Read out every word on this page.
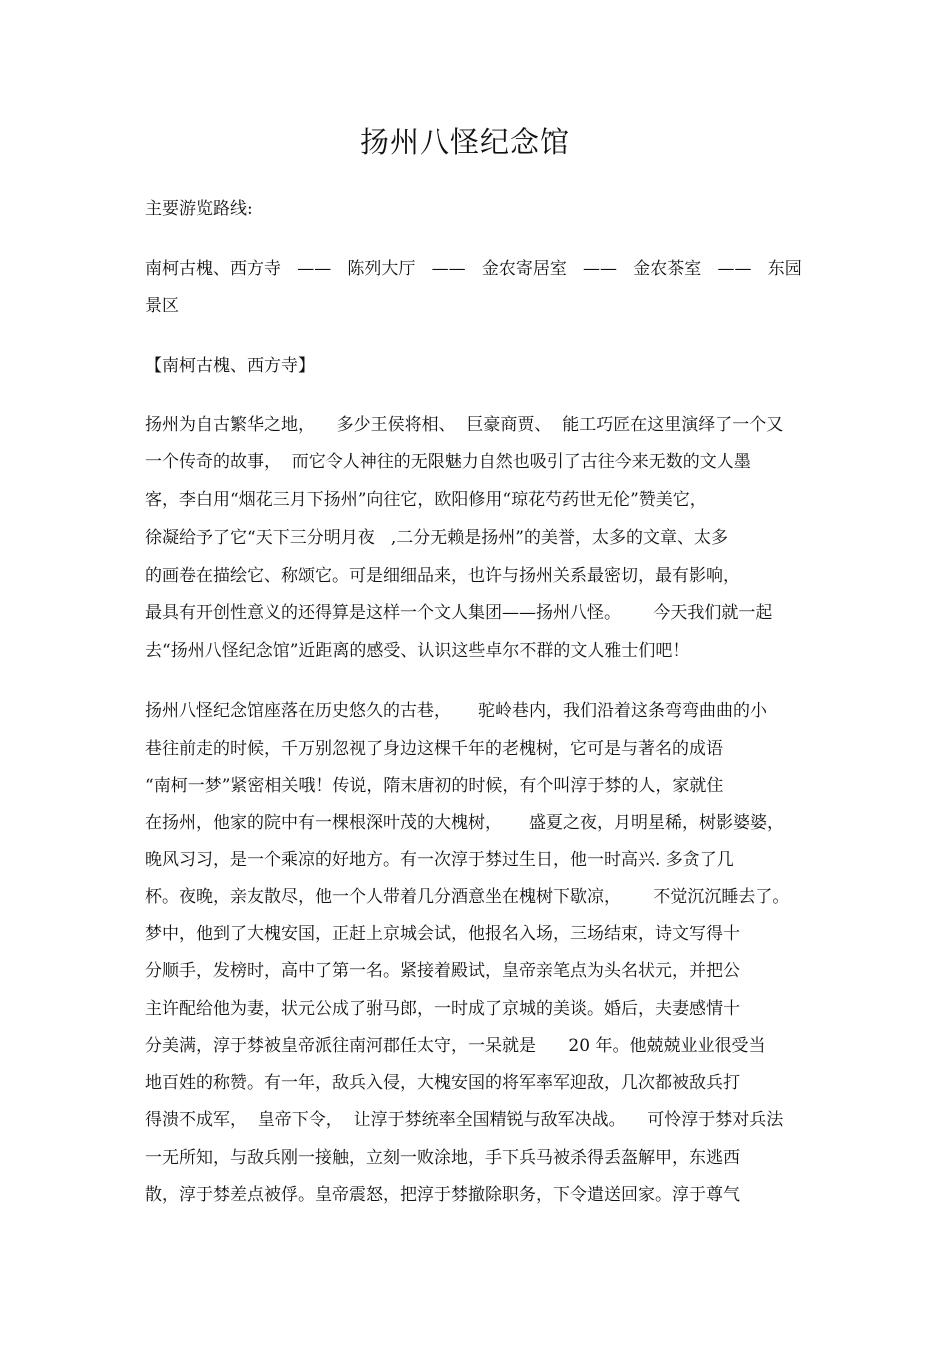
扬州八怪纪念馆

主要游览路线:

南柯古槐、西方寺   ——   陈列大厅   ——   金农寄居室   ——   金农茶室   ——   东园

景区

【南柯古槐、西方寺】

扬州为自古繁华之地，    多少王侯将相、  巨豪商贾、  能工巧匠在这里演绎了一个又

一个传奇的故事，  而它令人神往的无限魅力自然也吸引了古往今来无数的文人墨

客，李白用“烟花三月下扬州”向往它，欧阳修用“琼花芍药世无伦”赞美它，

徐凝给予了它“天下三分明月夜   ,二分无赖是扬州”的美誉，太多的文章、太多

的画卷在描绘它、称颂它。可是细细品来，也许与扬州关系最密切，最有影响，

最具有开创性意义的还得算是这样一个文人集团——扬州八怪。      今天我们就一起

去“扬州八怪纪念馆”近距离的感受、认识这些卓尔不群的文人雅士们吧！

扬州八怪纪念馆座落在历史悠久的古巷，     驼岭巷内，我们沿着这条弯弯曲曲的小

巷往前走的时候，千万别忽视了身边这棵千年的老槐树，它可是与著名的成语

“南柯一梦”紧密相关哦！传说，隋末唐初的时候，有个叫淳于棼的人，家就住

在扬州，他家的院中有一棵根深叶茂的大槐树，     盛夏之夜，月明星稀，树影婆婆，

晚风习习，是一个乘凉的好地方。有一次淳于棼过生日，他一时高兴. 多贪了几

杯。夜晚，亲友散尽，他一个人带着几分酒意坐在槐树下歇凉，      不觉沉沉睡去了。

梦中，他到了大槐安国，正赶上京城会试，他报名入场，三场结束，诗文写得十

分顺手，发榜时，高中了第一名。紧接着殿试，皇帝亲笔点为头名状元，并把公

主许配给他为妻，状元公成了驸马郎，一时成了京城的美谈。婚后，夫妻感情十

分美满，淳于棼被皇帝派往南河郡任太守，一呆就是      20 年。他兢兢业业很受当

地百姓的称赞。有一年，敌兵入侵，大槐安国的将军率军迎敌，几次都被敌兵打

得溃不成军，  皇帝下令，  让淳于棼统率全国精锐与敌军决战。    可怜淳于棼对兵法

一无所知，与敌兵刚一接触，立刻一败涂地，手下兵马被杀得丢盔解甲，东逃西

散，淳于棼差点被俘。皇帝震怒，把淳于棼撤除职务，下令遣送回家。淳于尊气
